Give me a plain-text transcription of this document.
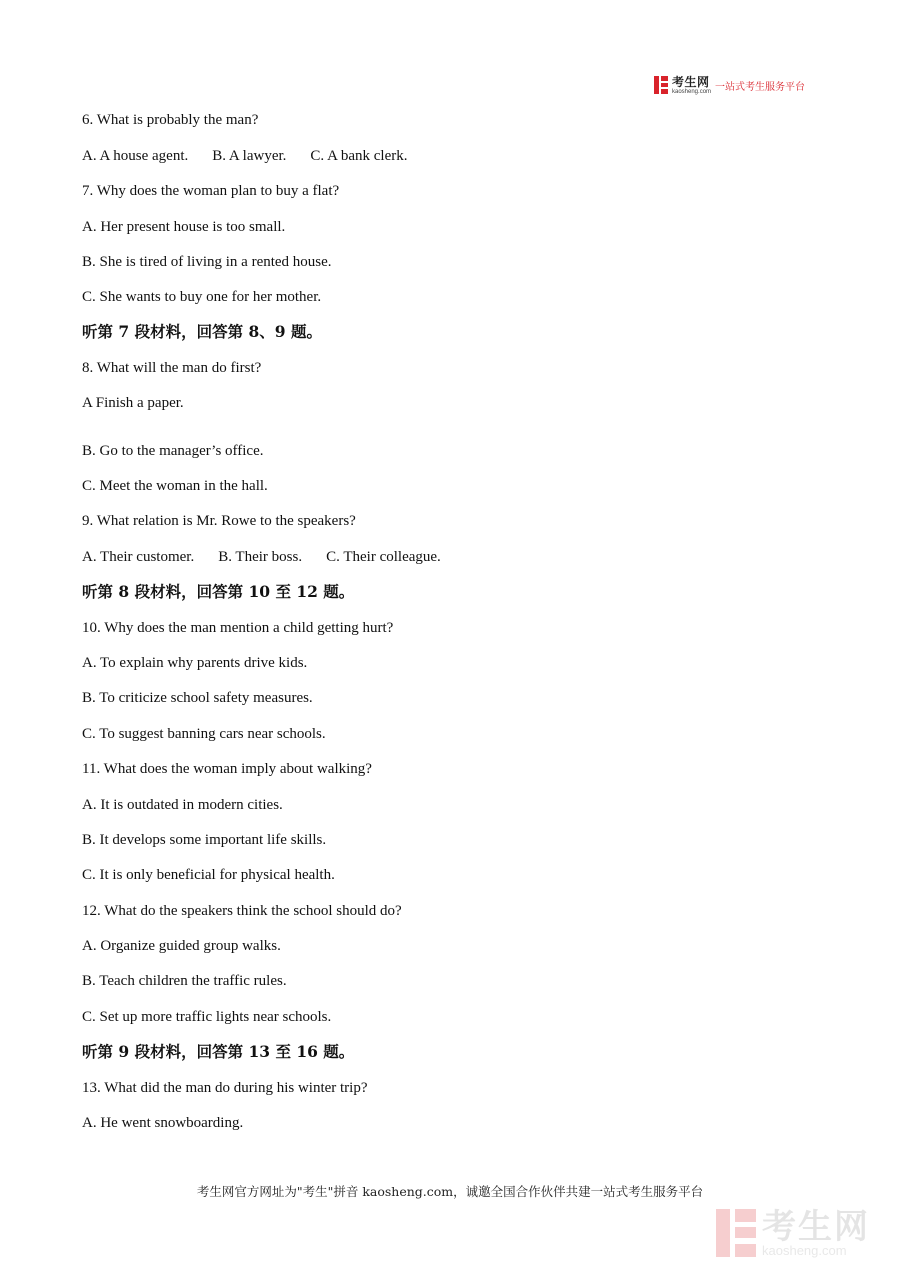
考生网
kaosheng.com 一站式考生服务平台
6. What is probably the man?
A. A house agent. B. A lawyer. C. A bank clerk.
7. Why does the woman plan to buy a flat?
A. Her present house is too small.
B. She is tired of living in a rented house.
C. She wants to buy one for her mother.
听第 7 段材料，回答第 8、9 题。
8. What will the man do first?
A Finish a paper.
B. Go to the manager’s office.
C. Meet the woman in the hall.
9. What relation is Mr. Rowe to the speakers?
A. Their customer. B. Their boss. C. Their colleague.
听第 8 段材料，回答第 10 至 12 题。
10. Why does the man mention a child getting hurt?
A. To explain why parents drive kids.
B. To criticize school safety measures.
C. To suggest banning cars near schools.
11. What does the woman imply about walking?
A. It is outdated in modern cities.
B. It develops some important life skills.
C. It is only beneficial for physical health.
12. What do the speakers think the school should do?
A. Organize guided group walks.
B. Teach children the traffic rules.
C. Set up more traffic lights near schools.
听第 9 段材料，回答第 13 至 16 题。
13. What did the man do during his winter trip?
A. He went snowboarding.
考生网官方网址为"考生"拼音 kaosheng.com，诚邀全国合作伙伴共建一站式考生服务平台
考生网
kaosheng.com
